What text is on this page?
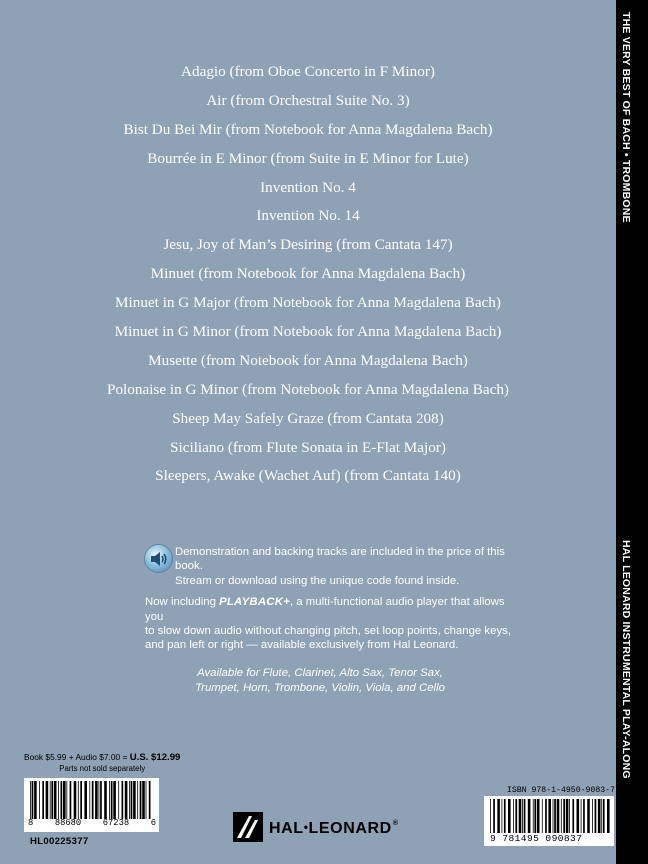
Adagio (from Oboe Concerto in F Minor)
Air (from Orchestral Suite No. 3)
Bist Du Bei Mir (from Notebook for Anna Magdalena Bach)
Bourrée in E Minor (from Suite in E Minor for Lute)
Invention No. 4
Invention No. 14
Jesu, Joy of Man’s Desiring (from Cantata 147)
Minuet (from Notebook for Anna Magdalena Bach)
Minuet in G Major (from Notebook for Anna Magdalena Bach)
Minuet in G Minor (from Notebook for Anna Magdalena Bach)
Musette (from Notebook for Anna Magdalena Bach)
Polonaise in G Minor (from Notebook for Anna Magdalena Bach)
Sheep May Safely Graze (from Cantata 208)
Siciliano (from Flute Sonata in E-Flat Major)
Sleepers, Awake (Wachet Auf) (from Cantata 140)

Demonstration and backing tracks are included in the price of this book.
Stream or download using the unique code found inside.

Now including PLAYBACK+, a multi-functional audio player that allows you
to slow down audio without changing pitch, set loop points, change keys,
and pan left or right — available exclusively from Hal Leonard.

Available for Flute, Clarinet, Alto Sax, Tenor Sax,
Trumpet, Horn, Trombone, Violin, Viola, and Cello

Book $5.99 + Audio $7.00 = U.S. $12.99
Parts not sold separately
8 88680 67238 6
HL00225377
HAL•LEONARD®
ISBN 978-1-4950-9083-7
9 781495 090837
THE VERY BEST OF BACH • TROMBONE
HAL LEONARD INSTRUMENTAL PLAY-ALONG
